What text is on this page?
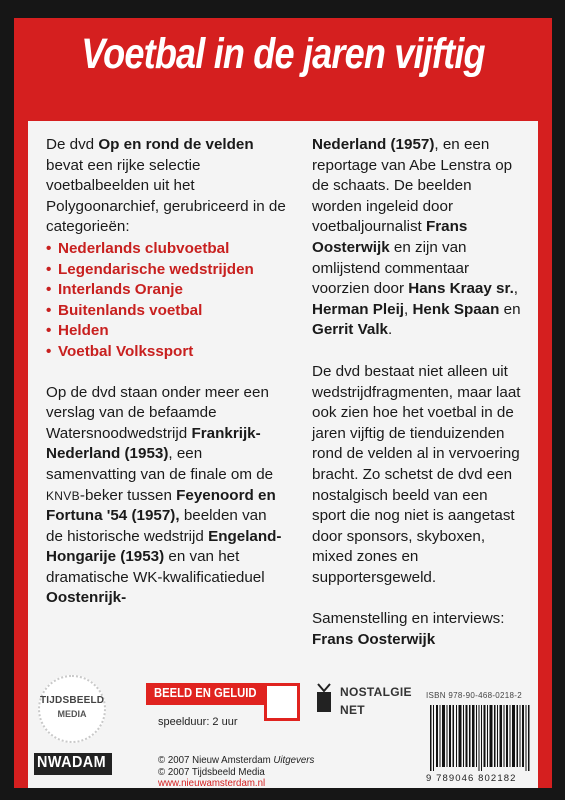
Voetbal in de jaren vijftig

De dvd Op en rond de velden bevat een rijke selectie voetbalbeelden uit het Polygoonarchief, gerubriceerd in de categorieën:

• Nederlands clubvoetbal
• Legendarische wedstrijden
• Interlands Oranje
• Buitenlands voetbal
• Helden
• Voetbal Volkssport

Op de dvd staan onder meer een verslag van de befaamde Watersnoodwedstrijd Frankrijk-Nederland (1953), een samenvatting van de finale om de KNVB-beker tussen Feyenoord en Fortuna '54 (1957), beelden van de historische wedstrijd Engeland-Hongarije (1953) en van het dramatische WK-kwalificatieduel Oostenrijk-

Nederland (1957), en een reportage van Abe Lenstra op de schaats. De beelden worden ingeleid door voetbaljournalist Frans Oosterwijk en zijn van omlijstend commentaar voorzien door Hans Kraay sr., Herman Pleij, Henk Spaan en Gerrit Valk.

De dvd bestaat niet alleen uit wedstrijdfragmenten, maar laat ook zien hoe het voetbal in de jaren vijftig de tienduizenden rond de velden al in vervoering bracht. Zo schetst de dvd een nostalgisch beeld van een sport die nog niet is aangetast door sponsors, skyboxen, mixed zones en supportersgeweld.

Samenstelling en interviews:
Frans Oosterwijk

TIJDSBEELD
MEDIA
BEELD EN GELUID
speelduur: 2 uur
NOSTALGIE
NET
ISBN 978-90-468-0218-2
9 789046 802182
NWADAM	© 2007 Nieuw Amsterdam Uitgevers
© 2007 Tijdsbeeld Media
www.nieuwamsterdam.nl
